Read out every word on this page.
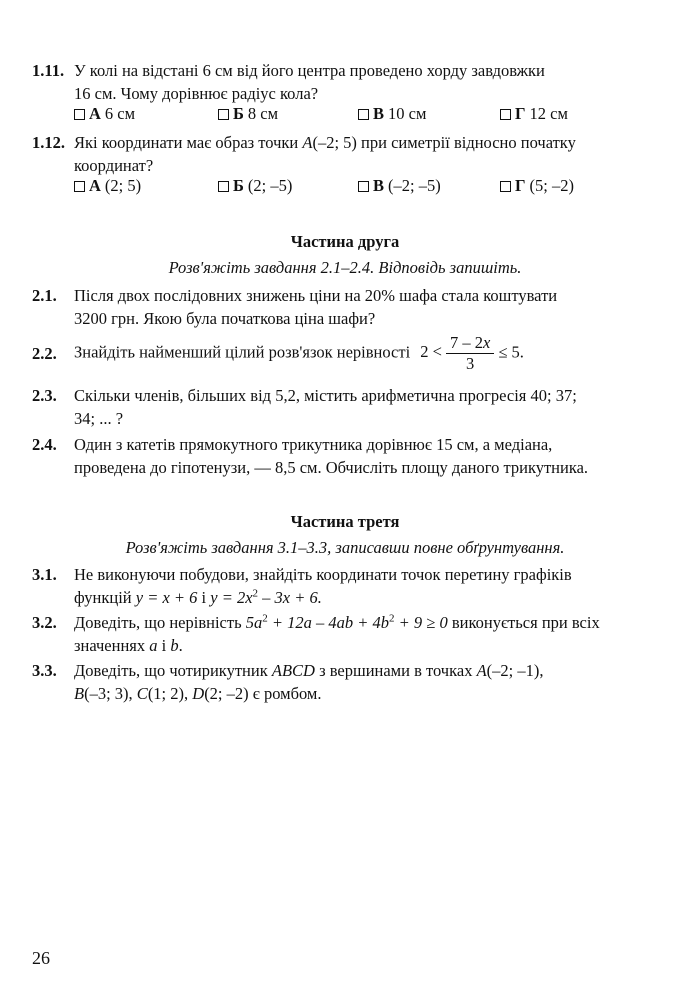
1.11. У колі на відстані 6 см від його центра проведено хорду завдовжки
16 см. Чому дорівнює радіус кола?
А 6 см	Б 8 см	В 10 см	Г 12 см
1.12. Які координати має образ точки A(–2; 5) при симетрії відносно початку
координат?
А (2; 5)	Б (2; –5)	В (–2; –5)	Г (5; –2)
Частина друга
Розв'яжіть завдання 2.1–2.4. Відповідь запишіть.
2.1. Після двох послідовних знижень ціни на 20% шафа стала коштувати
3200 грн. Якою була початкова ціна шафи?
2.2. Знайдіть найменший цілий розв'язок нерівності $2 < \frac{7 - 2x}{3} \le 5$.
2.3. Скільки членів, більших від 5,2, містить арифметична прогресія 40; 37;
34; ... ?
2.4. Один з катетів прямокутного трикутника дорівнює 15 см, а медіана,
проведена до гіпотенузи, — 8,5 см. Обчисліть площу даного трикутника.
Частина третя
Розв'яжіть завдання 3.1–3.3, записавши повне обґрунтування.
3.1. Не виконуючи побудови, знайдіть координати точок перетину графіків
функцій y = x + 6 і $y = 2x^2 - 3x + 6$.
3.2. Доведіть, що нерівність $5a^2 + 12a - 4ab + 4b^2 + 9 \ge 0$ виконується при всіх
значеннях a і b.
3.3. Доведіть, що чотирикутник ABCD з вершинами в точках A(–2; –1),
B(–3; 3), C(1; 2), D(2; –2) є ромбом.
26
